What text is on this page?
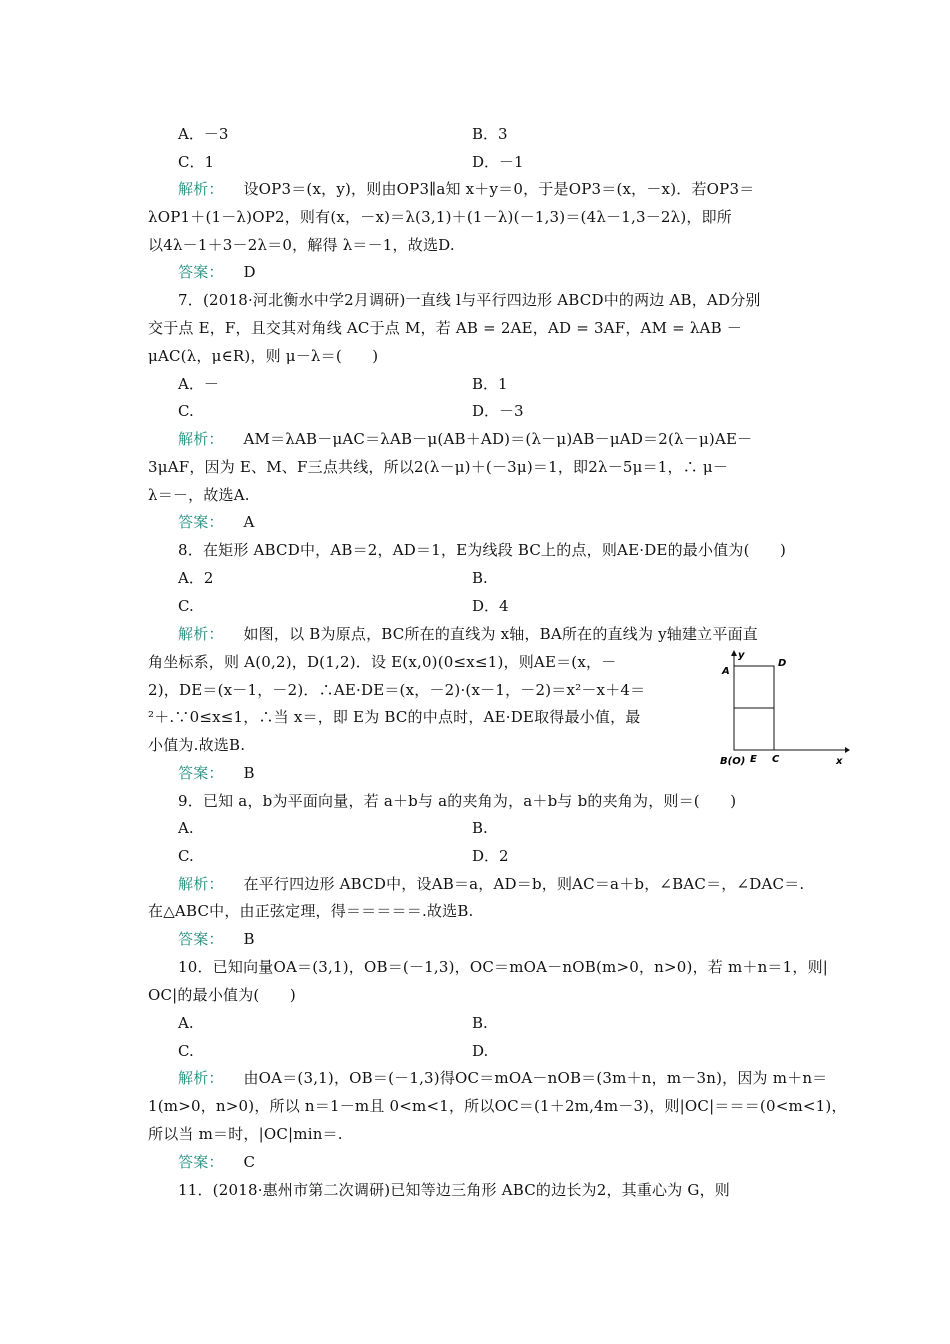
A．－3	B．3
C．1	D．－1
解析： 设OP3＝(x，y)，则由OP3∥a知 x＋y＝0，于是OP3＝(x，－x)．若OP3＝
λOP1＋(1－λ)OP2，则有(x，－x)＝λ(3,1)＋(1－λ)(－1,3)＝(4λ－1,3－2λ)，即所
以4λ－1＋3－2λ＝0，解得 λ＝－1，故选D.
答案： D
7．(2018·河北衡水中学2月调研)一直线 l与平行四边形 ABCD中的两边 AB，AD分别
交于点 E，F，且交其对角线 AC于点 M，若 AB = 2AE，AD = 3AF，AM = λAB －
μAC(λ，μ∈R)，则 μ－λ＝(　　)
A．－	B．1
C.	D．－3
解析： AM＝λAB－μAC＝λAB－μ(AB＋AD)＝(λ－μ)AB－μAD＝2(λ－μ)AE－
3μAF，因为 E、M、F三点共线，所以2(λ－μ)＋(－3μ)＝1，即2λ－5μ＝1，∴ μ－
λ＝－，故选A.
答案： A
8．在矩形 ABCD中，AB＝2，AD＝1，E为线段 BC上的点，则AE·DE的最小值为(　　)
A．2	B.
C.	D．4
解析： 如图，以 B为原点，BC所在的直线为 x轴，BA所在的直线为 y轴建立平面直
角坐标系，则 A(0,2)，D(1,2)．设 E(x,0)(0≤x≤1)，则AE＝(x，－
2)，DE＝(x－1，－2)．∴AE·DE＝(x，－2)·(x－1，－2)＝x²－x＋4＝
²＋.∵0≤x≤1，∴当 x＝，即 E为 BC的中点时，AE·DE取得最小值，最
小值为.故选B.
答案： B
y
A
D
B(O) E C	x
9．已知 a，b为平面向量，若 a＋b与 a的夹角为，a＋b与 b的夹角为，则＝(　　)
A.	B.
C.	D．2
解析： 在平行四边形 ABCD中，设AB＝a，AD＝b，则AC＝a＋b，∠BAC＝，∠DAC＝.
在△ABC中，由正弦定理，得＝＝＝＝＝.故选B.
答案： B
10．已知向量OA＝(3,1)，OB＝(－1,3)，OC＝mOA－nOB(m>0，n>0)，若 m＋n＝1，则|
OC|的最小值为(　　)
A.	B.
C.	D.
解析： 由OA＝(3,1)，OB＝(－1,3)得OC＝mOA－nOB＝(3m＋n，m－3n)，因为 m＋n＝
1(m>0，n>0)，所以 n＝1－m且 0<m<1，所以OC＝(1＋2m,4m－3)，则|OC|＝＝＝(0<m<1)，
所以当 m＝时，|OC|min＝.
答案： C
11．(2018·惠州市第二次调研)已知等边三角形 ABC的边长为2，其重心为 G，则
